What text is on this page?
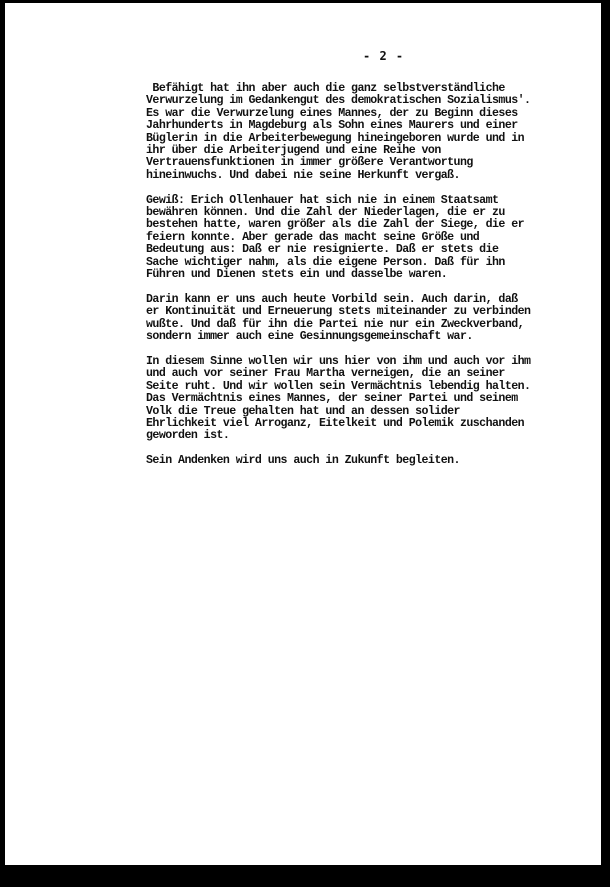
- 2 -

Befähigt hat ihn aber auch die ganz selbstverständliche
Verwurzelung im Gedankengut des demokratischen Sozialismus'.
Es war die Verwurzelung eines Mannes, der zu Beginn dieses
Jahrhunderts in Magdeburg als Sohn eines Maurers und einer
Büglerin in die Arbeiterbewegung hineingeboren wurde und in
ihr über die Arbeiterjugend und eine Reihe von
Vertrauensfunktionen in immer größere Verantwortung
hineinwuchs. Und dabei nie seine Herkunft vergaß.

Gewiß: Erich Ollenhauer hat sich nie in einem Staatsamt
bewähren können. Und die Zahl der Niederlagen, die er zu
bestehen hatte, waren größer als die Zahl der Siege, die er
feiern konnte. Aber gerade das macht seine Größe und
Bedeutung aus: Daß er nie resignierte. Daß er stets die
Sache wichtiger nahm, als die eigene Person. Daß für ihn
Führen und Dienen stets ein und dasselbe waren.

Darin kann er uns auch heute Vorbild sein. Auch darin, daß
er Kontinuität und Erneuerung stets miteinander zu verbinden
wußte. Und daß für ihn die Partei nie nur ein Zweckverband,
sondern immer auch eine Gesinnungsgemeinschaft war.

In diesem Sinne wollen wir uns hier von ihm und auch vor ihm
und auch vor seiner Frau Martha verneigen, die an seiner
Seite ruht. Und wir wollen sein Vermächtnis lebendig halten.
Das Vermächtnis eines Mannes, der seiner Partei und seinem
Volk die Treue gehalten hat und an dessen solider
Ehrlichkeit viel Arroganz, Eitelkeit und Polemik zuschanden
geworden ist.

Sein Andenken wird uns auch in Zukunft begleiten.
